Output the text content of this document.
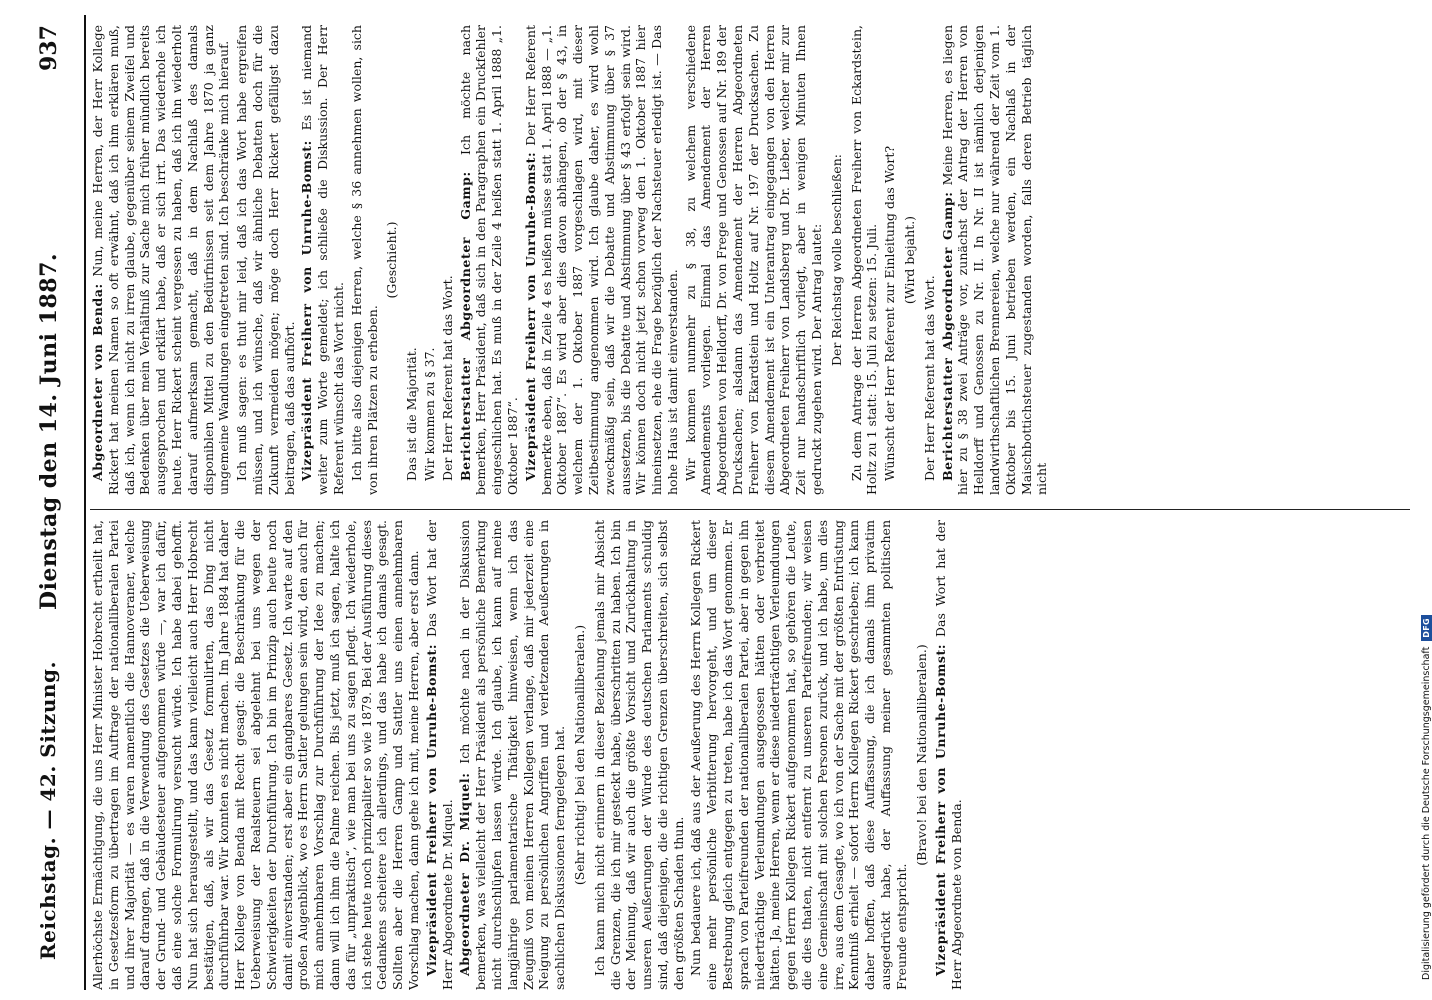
Reichstag. — 42. Sitzung.
Dienstag den 14. Juni 1887.
937

Allerhöchste Ermächtigung, die uns Herr Minister Hobrecht ertheilt hat, in Gesetzesform zu übertragen im Auftrage der nationalliberalen Partei und ihrer Majorität — es waren namentlich die Hannoveraner, welche darauf drangen, daß in die Verwendung des Gesetzes die Ueberweisung der Grund- und Gebäudesteuer aufgenommen würde —, war ich dafür, daß eine solche Formulirung versucht würde. Ich habe dabei gehofft. Nun hat sich herausgestellt, und das kann vielleicht auch Herr Hobrecht bestätigen, daß, als wir das Gesetz formulirten, das Ding nicht durchführbar war. Wir konnten es nicht machen. Im Jahre 1884 hat daher Herr Kollege von Benda mit Recht gesagt: die Beschränkung für die Ueberweisung der Realsteuern sei abgelehnt bei uns wegen der Schwierigkeiten der Durchführung. Ich bin im Prinzip auch heute noch damit einverstanden; erst aber ein gangbares Gesetz. Ich warte auf den großen Augenblick, wo es Herrn Sattler gelungen sein wird, den auch für mich annehmbaren Vorschlag zur Durchführung der Idee zu machen; dann will ich ihm die Palme reichen. Bis jetzt, muß ich sagen, halte ich das für „unpraktisch“, wie man bei uns zu sagen pflegt. Ich wiederhole, ich stehe heute noch prinzipaliter so wie 1879. Bei der Ausführung dieses Gedankens scheitere ich allerdings, und das habe ich damals gesagt. Sollten aber die Herren Gamp und Sattler uns einen annehmbaren Vorschlag machen, dann gehe ich mit, meine Herren, aber erst dann. Vizepräsident Freiherr von Unruhe-Bomst: Das Wort hat der Herr Abgeordnete Dr. Miquel. Abgeordneter Dr. Miquel: Ich möchte nach in der Diskussion bemerken, was vielleicht der Herr Präsident als persönliche Bemerkung nicht durchschlüpfen lassen würde. Ich glaube, ich kann auf meine langjährige parlamentarische Thätigkeit hinweisen, wenn ich das Zeugniß von meinen Herren Kollegen verlange, daß mir jederzeit eine Neigung zu persönlichen Angriffen und verletzenden Aeußerungen in sachlichen Diskussionen ferngelegen hat. (Sehr richtig! bei den Nationalliberalen.) Ich kann mich nicht erinnern in dieser Beziehung jemals mir Absicht die Grenzen, die ich mir gesteckt habe, überschritten zu haben. Ich bin der Meinung, daß wir auch die größte Vorsicht und Zurückhaltung in unseren Aeußerungen der Würde des deutschen Parlaments schuldig sind, daß diejenigen, die die richtigen Grenzen überschreiten, sich selbst den größten Schaden thun. Nun bedauere ich, daß aus der Aeußerung des Herrn Kollegen Rickert eine mehr persönliche Verbitterung hervorgeht, und um dieser Bestrebung gleich entgegen zu treten, habe ich das Wort genommen. Er sprach von Parteifreunden der nationalliberalen Partei, aber in gegen ihn niederträchtige Verleumdungen ausgegossen hätten oder verbreitet hätten. Ja, meine Herren, wenn er diese niederträchtigen Verleumdungen gegen Herrn Kollegen Rickert aufgenommen hat, so gehören die Leute, die dies thaten, nicht entfernt zu unseren Parteifreunden; wir weisen eine Gemeinschaft mit solchen Personen zurück, und ich habe, um dies irre, aus dem Gesagte, wo ich von der Sache mit der größten Entrüstung Kenntniß erhielt — sofort Herrn Kollegen Rickert geschrieben; ich kann daher hoffen, daß diese Auffassung, die ich damals ihm privatim ausgedrückt habe, der Auffassung meiner gesammten politischen Freunde entspricht.

(Bravo! bei den Nationalliberalen.) Vizepräsident Freiherr von Unruhe-Bomst: Das Wort hat der Herr Abgeordnete von Benda.

Abgeordneter von Benda: Nun, meine Herren, der Herr Kollege Rickert hat meinen Namen so oft erwähnt, daß ich ihm erklären muß, daß ich, wenn ich nicht zu irren glaube, gegenüber seinem Zweifel und Bedenken über mein Verhältniß zur Sache mich früher mündlich bereits ausgesprochen und erklärt habe, daß er sich irrt. Das wiederhole ich heute. Herr Rickert scheint vergessen zu haben, daß ich ihn wiederholt darauf aufmerksam gemacht, daß in dem Nachlaß des damals disponiblen Mittel zu den Bedürfnissen seit dem Jahre 1870 ja ganz ungemeine Wandlungen eingetreten sind. Ich beschränke mich hierauf. Ich muß sagen: es thut mir leid, daß ich das Wort habe ergreifen müssen, und ich wünsche, daß wir ähnliche Debatten doch für die Zukunft vermeiden mögen; möge doch Herr Rickert gefälligst dazu beitragen, daß das aufhört. Vizepräsident Freiherr von Unruhe-Bomst: Es ist niemand weiter zum Worte gemeldet; ich schließe die Diskussion. Der Herr Referent wünscht das Wort nicht. Ich bitte also diejenigen Herren, welche § 36 annehmen wollen, sich von ihren Plätzen zu erheben.

(Geschieht.)

Das ist die Majorität. Wir kommen zu § 37. Der Herr Referent hat das Wort. Berichterstatter Abgeordneter Gamp: Ich möchte nach bemerken, Herr Präsident, daß sich in den Paragraphen ein Druckfehler eingeschlichen hat. Es muß in der Zeile 4 heißen statt 1. April 1888 „1. Oktober 1887“. Vizepräsident Freiherr von Unruhe-Bomst: Der Herr Referent bemerkte eben, daß in Zeile 4 es heißen müsse statt 1. April 1888 — „1. Oktober 1887“. Es wird aber dies davon abhängen, ob der § 43, in welchem der 1. Oktober 1887 vorgeschlagen wird, mit dieser Zeitbestimmung angenommen wird. Ich glaube daher, es wird wohl zweckmäßig sein, daß wir die Debatte und Abstimmung über § 37 aussetzen, bis die Debatte und Abstimmung über § 43 erfolgt sein wird. Wir können doch nicht jetzt schon vorweg den 1. Oktober 1887 hier hineinsetzen, ehe die Frage bezüglich der Nachsteuer erledigt ist. — Das hohe Haus ist damit einverstanden. Wir kommen nunmehr zu § 38, zu welchem verschiedene Amendements vorliegen. Einmal das Amendement der Herren Abgeordneten von Helldorff, Dr. von Frege und Genossen auf Nr. 189 der Drucksachen; alsdann das Amendement der Herren Abgeordneten Freiherr von Ekardstein und Holtz auf Nr. 197 der Drucksachen. Zu diesem Amendement ist ein Unterantrag eingegangen von den Herren Abgeordneten Freiherr von Landsberg und Dr. Lieber, welcher mir zur Zeit nur handschriftlich vorliegt, aber in wenigen Minuten Ihnen gedruckt zugehen wird. Der Antrag lautet: Der Reichstag wolle beschließen: Zu dem Antrage der Herren Abgeordneten Freiherr von Eckardstein, Holtz zu 1 statt: 15. Juli zu setzen: 15. Juli. Wünscht der Herr Referent zur Einleitung das Wort? (Wird bejaht.)

Der Herr Referent hat das Wort. Berichterstatter Abgeordneter Gamp: Meine Herren, es liegen hier zu § 38 zwei Anträge vor, zunächst der Antrag der Herren von Helldorff und Genossen zu Nr. II. In Nr. II ist nämlich derjenigen landwirthschaftlichen Brennereien, welche nur während der Zeit vom 1. Oktober bis 15. Juni betrieben werden, ein Nachlaß in der Maischbottichsteuer zugestanden worden, falls deren Betrieb täglich nicht

Digitalisierung gefördert durch die Deutsche Forschungsgemeinschaft
DFG
